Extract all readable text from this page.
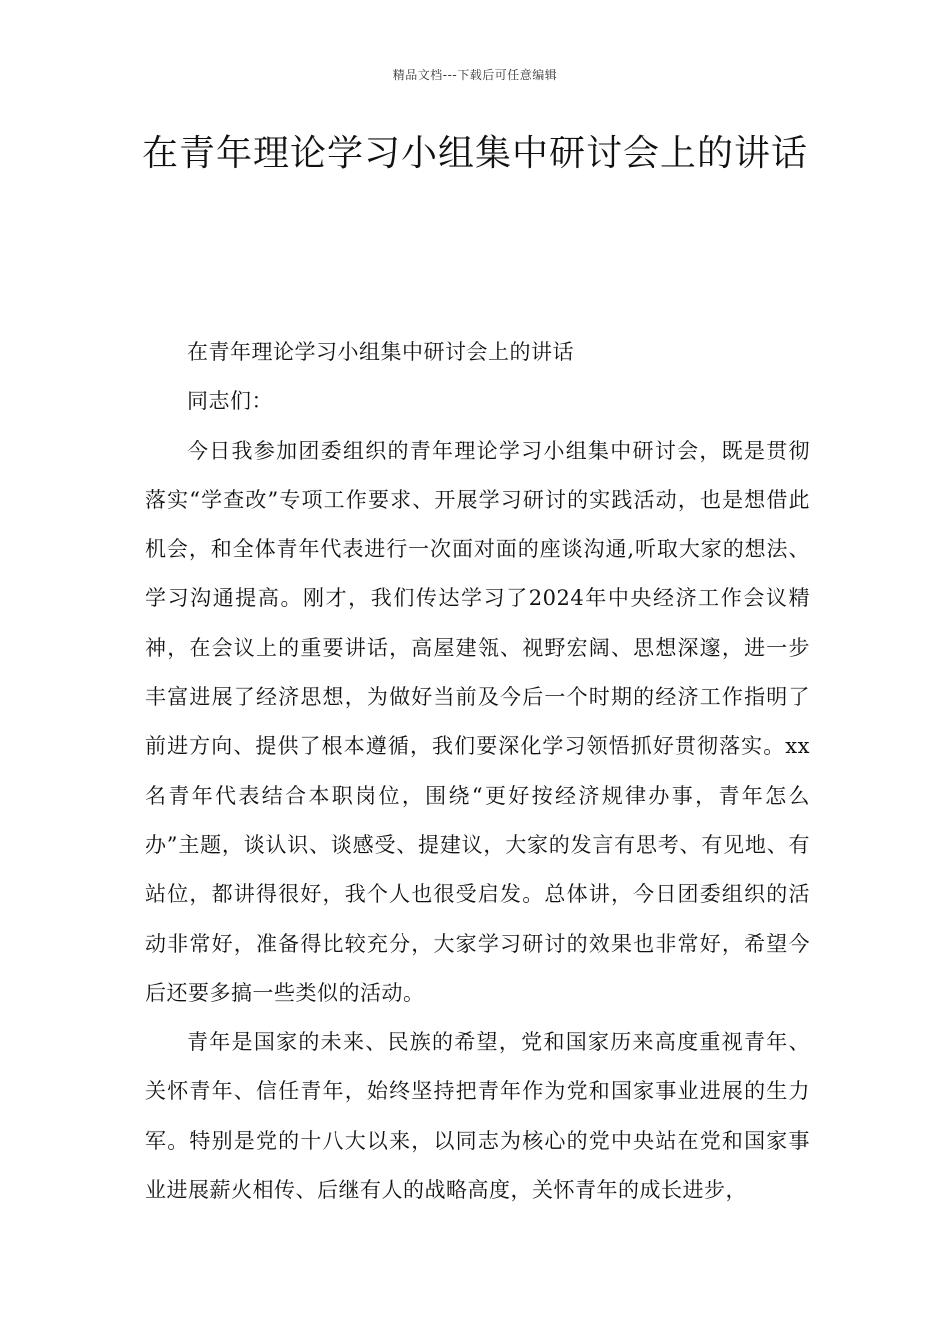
精品文档---下载后可任意编辑
在青年理论学习小组集中研讨会上的讲话

在青年理论学习小组集中研讨会上的讲话

同志们：

今日我参加团委组织的青年理论学习小组集中研讨会，既是贯彻落实“学查改”专项工作要求、开展学习研讨的实践活动，也是想借此机会，和全体青年代表进行一次面对面的座谈沟通,听取大家的想法、学习沟通提高。刚才，我们传达学习了2024年中央经济工作会议精神，在会议上的重要讲话，高屋建瓴、视野宏阔、思想深邃，进一步丰富进展了经济思想，为做好当前及今后一个时期的经济工作指明了前进方向、提供了根本遵循，我们要深化学习领悟抓好贯彻落实。xx名青年代表结合本职岗位，围绕“更好按经济规律办事，青年怎么办”主题，谈认识、谈感受、提建议，大家的发言有思考、有见地、有站位，都讲得很好，我个人也很受启发。总体讲，今日团委组织的活动非常好，准备得比较充分，大家学习研讨的效果也非常好，希望今后还要多搞一些类似的活动。

青年是国家的未来、民族的希望，党和国家历来高度重视青年、关怀青年、信任青年，始终坚持把青年作为党和国家事业进展的生力军。特别是党的十八大以来，以同志为核心的党中央站在党和国家事业进展薪火相传、后继有人的战略高度，关怀青年的成长进步，
